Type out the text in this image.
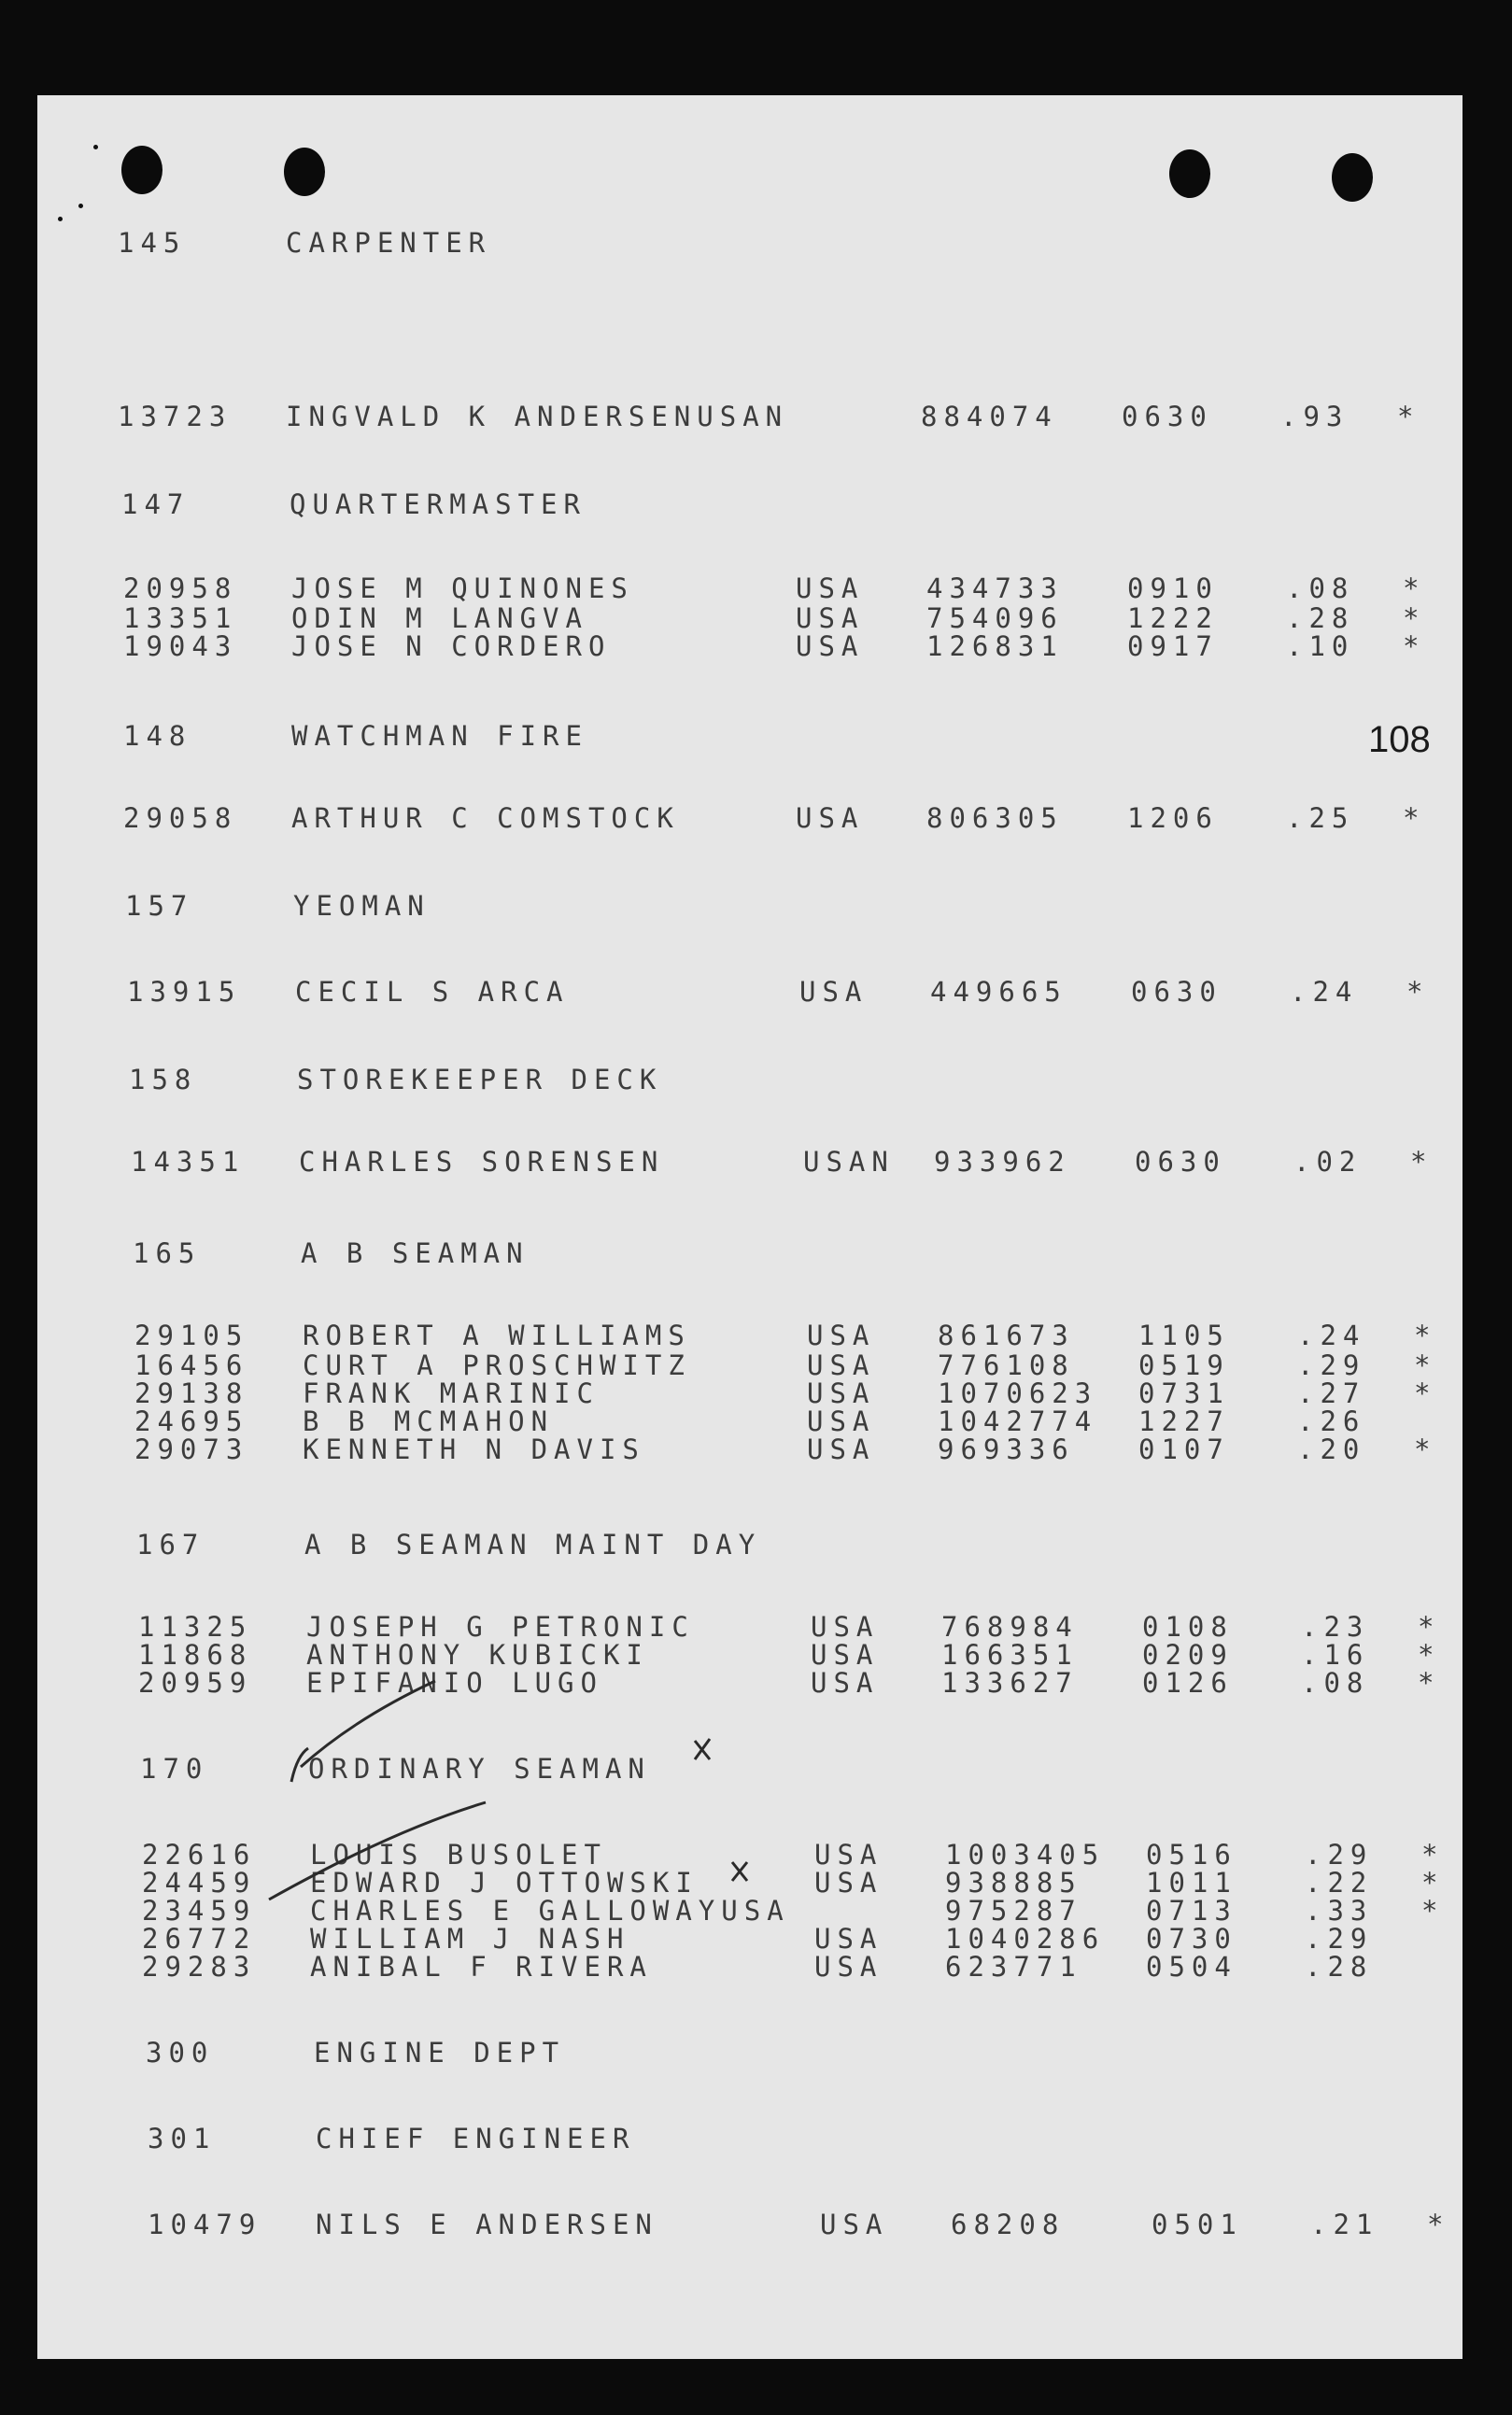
108
145	CARPENTER
13723 INGVALD K ANDERSENUSAN	884074 0630 .93 *
147	QUARTERMASTER
20958 JOSE M QUINONES	USA 434733 0910 .08 *
13351 ODIN M LANGVA	USA 754096 1222 .28 *
19043 JOSE N CORDERO	USA 126831 0917 .10 *
148	WATCHMAN FIRE
29058 ARTHUR C COMSTOCK	USA 806305 1206 .25 *
157	YEOMAN
13915 CECIL S ARCA	USA 449665 0630 .24 *
158	STOREKEEPER DECK
14351 CHARLES SORENSEN	USAN 933962 0630 .02 *
165	A B SEAMAN
29105 ROBERT A WILLIAMS	USA 861673 1105 .24 *
16456 CURT A PROSCHWITZ	USA 776108 0519 .29 *
29138 FRANK MARINIC	USA 1070623 0731 .27 *
24695 B B MCMAHON	USA 1042774 1227 .26
29073 KENNETH N DAVIS	USA 969336 0107 .20 *
167	A B SEAMAN MAINT DAY
11325 JOSEPH G PETRONIC	USA 768984 0108 .23 *
11868 ANTHONY KUBICKI	USA 166351 0209 .16 *
20959 EPIFANIO LUGO	USA 133627 0126 .08 *
170	ORDINARY SEAMAN
22616 LOUIS BUSOLET	USA 1003405 0516 .29 *
24459 EDWARD J OTTOWSKI	USA 938885 1011 .22 *
23459 CHARLES E GALLOWAYUSA	975287 0713 .33 *
26772 WILLIAM J NASH	USA 1040286 0730 .29
29283 ANIBAL F RIVERA	USA 623771 0504 .28
300	ENGINE DEPT
301	CHIEF ENGINEER
10479 NILS E ANDERSEN	USA 68208	0501 .21 *
